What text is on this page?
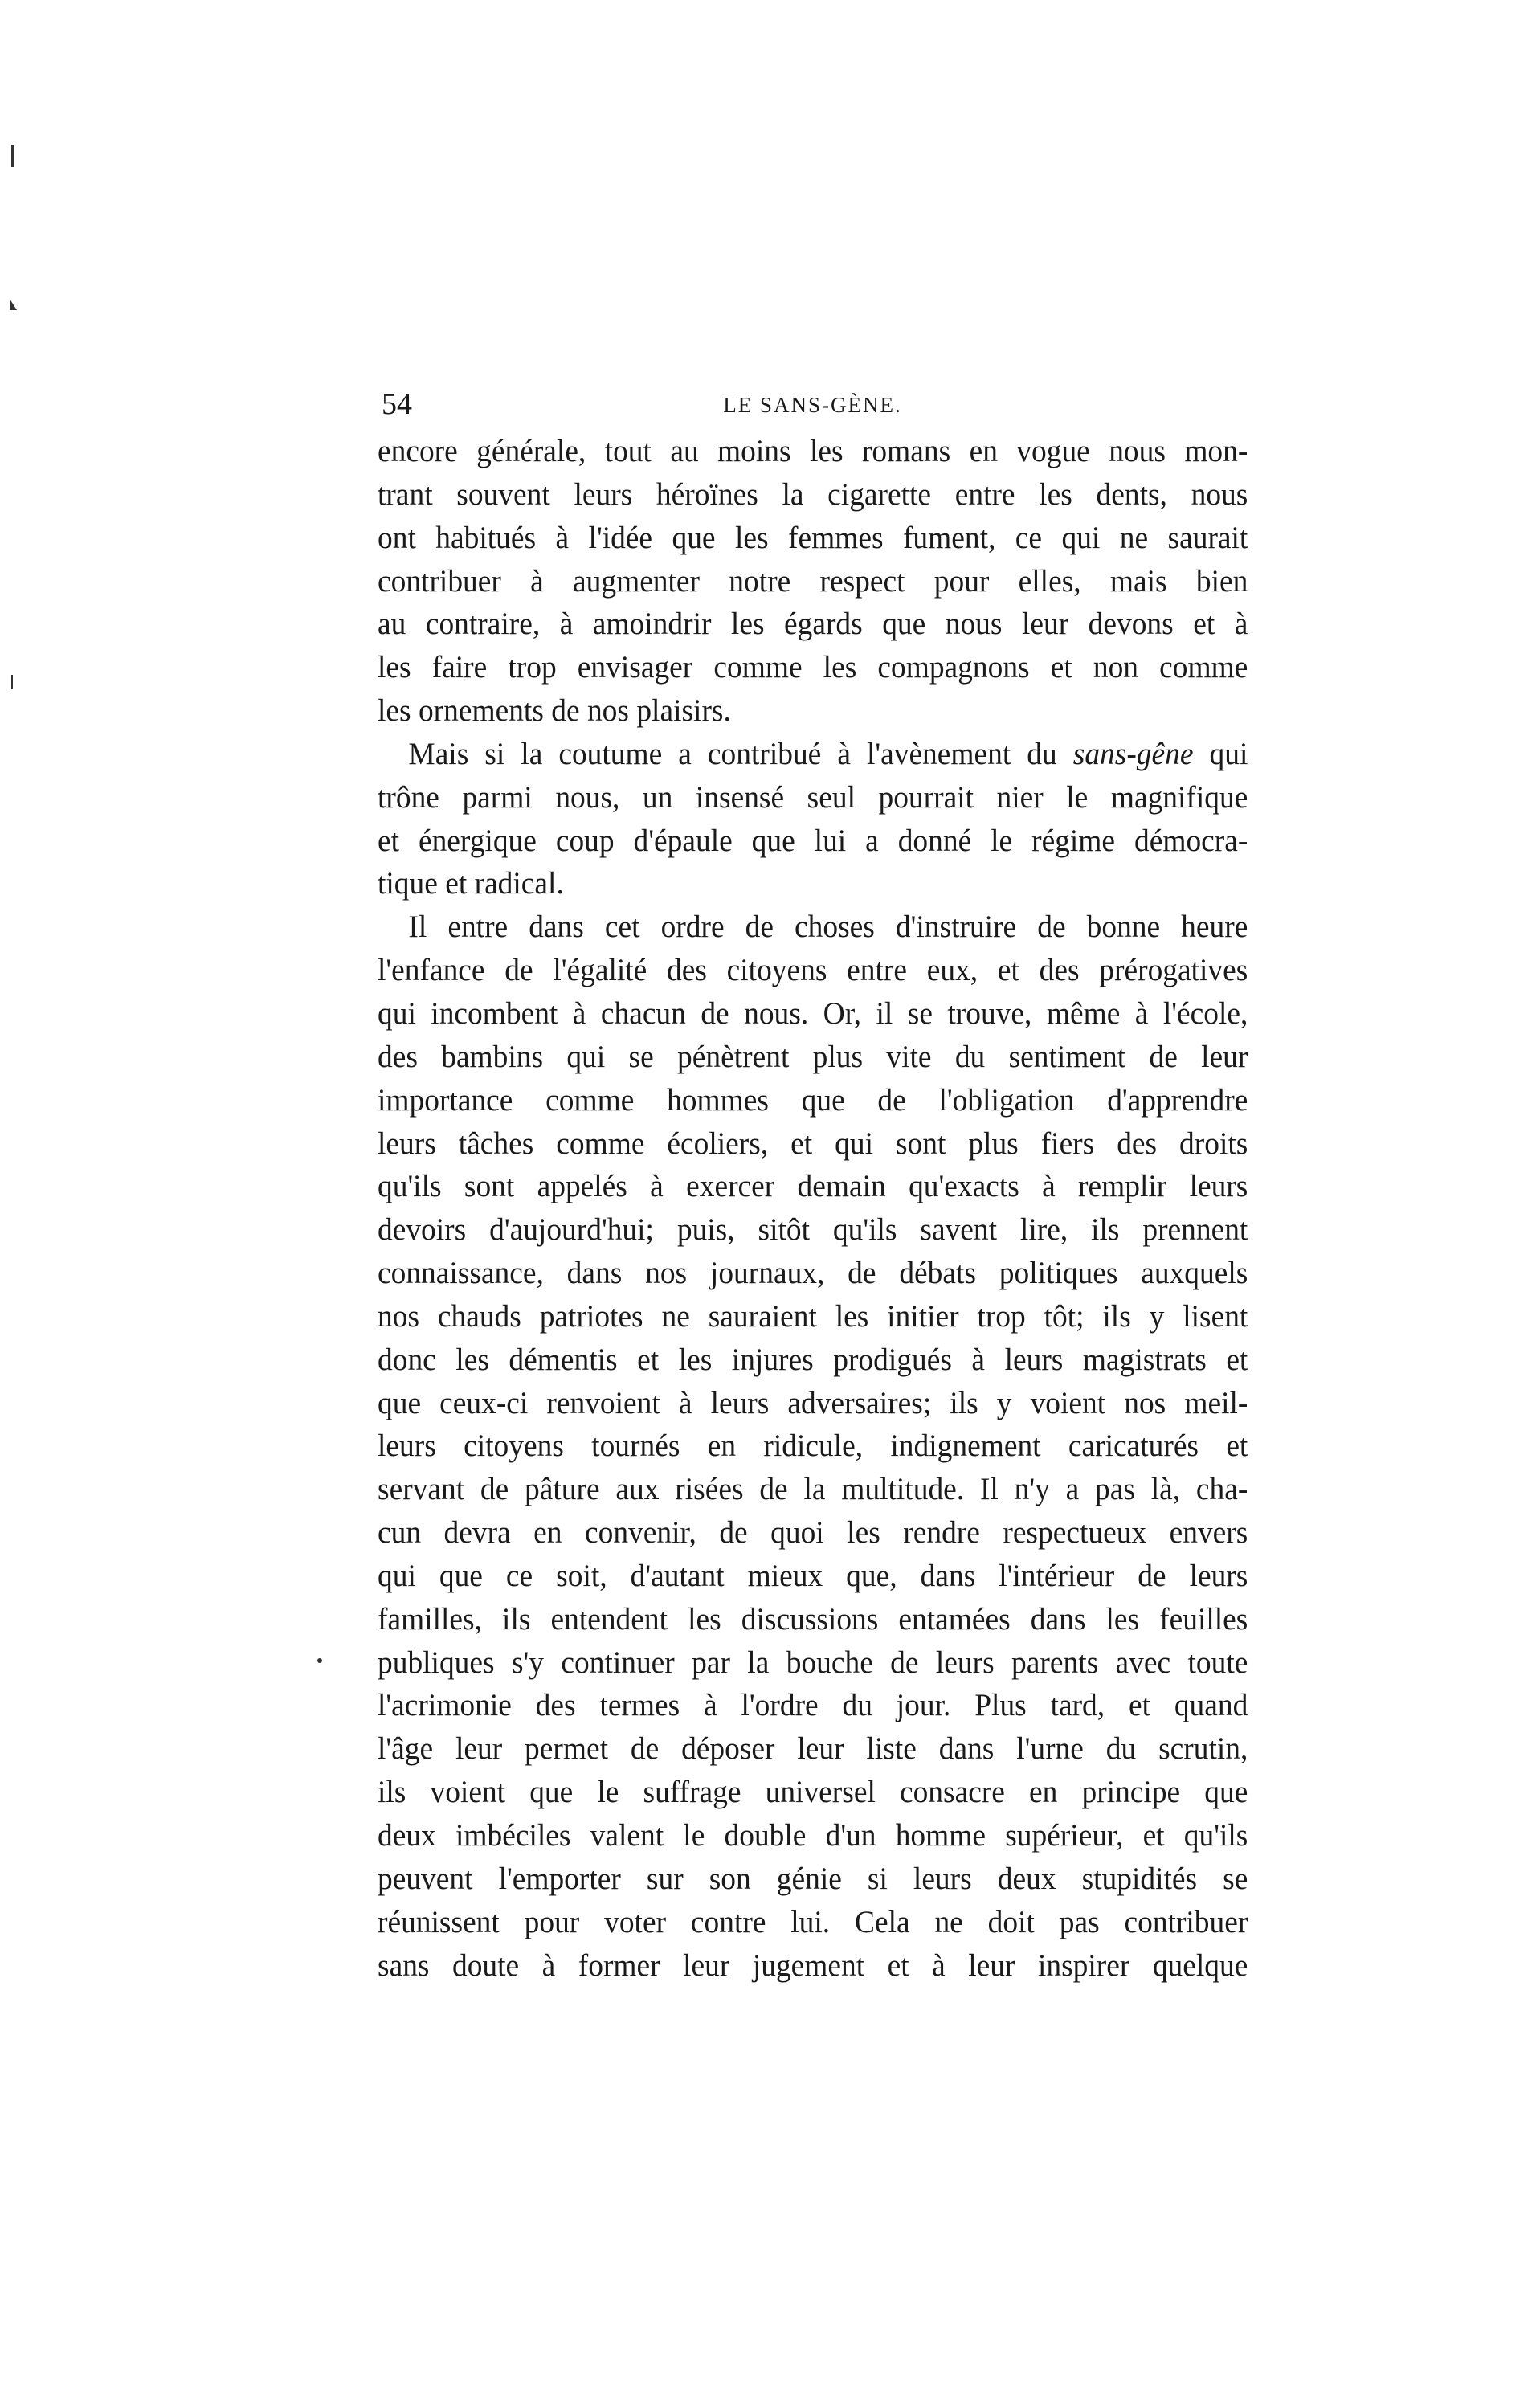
54	LE SANS-GÈNE.
encore générale, tout au moins les romans en vogue nous mon-
trant souvent leurs héroïnes la cigarette entre les dents, nous
ont habitués à l'idée que les femmes fument, ce qui ne saurait
contribuer à augmenter notre respect pour elles, mais bien
au contraire, à amoindrir les égards que nous leur devons et à
les faire trop envisager comme les compagnons et non comme
les ornements de nos plaisirs.
Mais si la coutume a contribué à l'avènement du sans-gêne qui
trône parmi nous, un insensé seul pourrait nier le magnifique
et énergique coup d'épaule que lui a donné le régime démocra-
tique et radical.
Il entre dans cet ordre de choses d'instruire de bonne heure
l'enfance de l'égalité des citoyens entre eux, et des prérogatives
qui incombent à chacun de nous. Or, il se trouve, même à l'école,
des bambins qui se pénètrent plus vite du sentiment de leur
importance comme hommes que de l'obligation d'apprendre
leurs tâches comme écoliers, et qui sont plus fiers des droits
qu'ils sont appelés à exercer demain qu'exacts à remplir leurs
devoirs d'aujourd'hui; puis, sitôt qu'ils savent lire, ils prennent
connaissance, dans nos journaux, de débats politiques auxquels
nos chauds patriotes ne sauraient les initier trop tôt; ils y lisent
donc les démentis et les injures prodigués à leurs magistrats et
que ceux-ci renvoient à leurs adversaires; ils y voient nos meil-
leurs citoyens tournés en ridicule, indignement caricaturés et
servant de pâture aux risées de la multitude. Il n'y a pas là, cha-
cun devra en convenir, de quoi les rendre respectueux envers
qui que ce soit, d'autant mieux que, dans l'intérieur de leurs
familles, ils entendent les discussions entamées dans les feuilles
publiques s'y continuer par la bouche de leurs parents avec toute
l'acrimonie des termes à l'ordre du jour. Plus tard, et quand
l'âge leur permet de déposer leur liste dans l'urne du scrutin,
ils voient que le suffrage universel consacre en principe que
deux imbéciles valent le double d'un homme supérieur, et qu'ils
peuvent l'emporter sur son génie si leurs deux stupidités se
réunissent pour voter contre lui. Cela ne doit pas contribuer
sans doute à former leur jugement et à leur inspirer quelque
